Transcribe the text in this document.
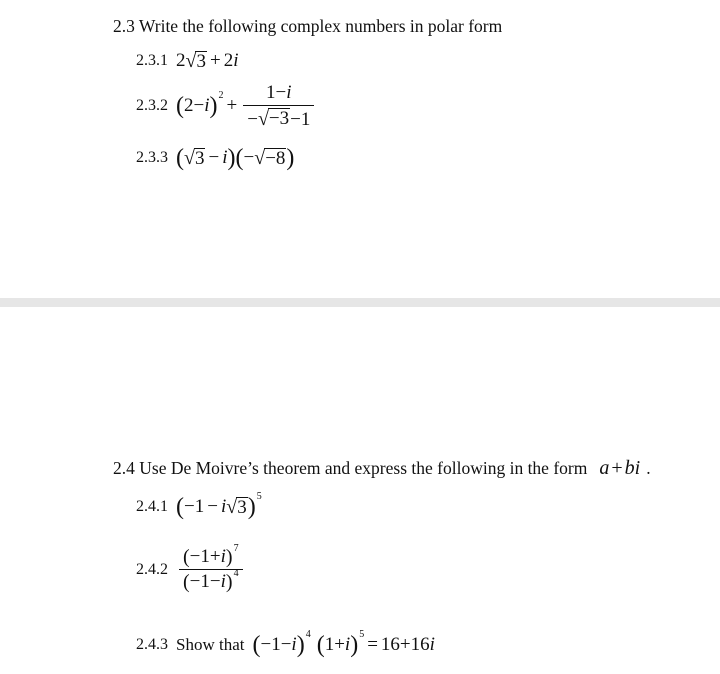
2.3 Write the following complex numbers in polar form
2.3.1 2 √ 3 + 2 i
2.3.2 ( 2 − i ) $2 + \frac{1-i}{- √ -3 -1}$
2.3.3 ( √ 3 − i ) ( − √ −8 )
2.4 Use De Moivre’s theorem and express the following in the form a + b i .
2.4.1 ( −1 − i √ 3 ) 5
$2.4.2 \frac{( -1 + i ) 7}{( -1 - i ) 4}$
2.4.3 Show that ( −1 − i ) 4 ( 1 + i ) 5 = 16 + 16 i
